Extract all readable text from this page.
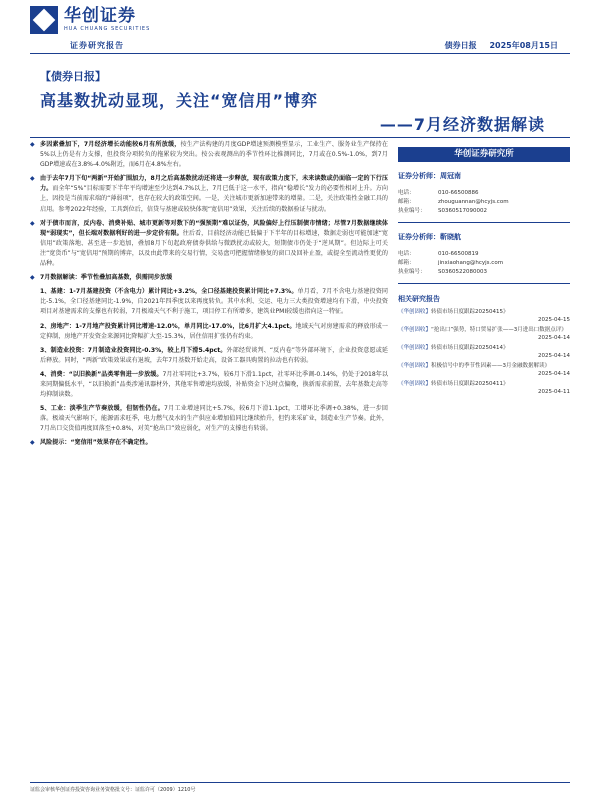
华创证券
HUA CHUANG SECURITIES
证券研究报告	债券日报 2025年08月15日
【债券日报】
高基数扰动显现，关注“宽信用”博弈
——7月经济数据解读
◆ 多因素叠加下，7月经济增长动能较6月有所放缓，按生产法构建的月度GDP增速预测模型显示，工业生产、服务业生产保持在5%以上仍是有力支撑，但投资分项转负的拖累较为突出。按公表观测出的季节性环比推测同比，7月或在0.5%-1.0%，到7月GDP增速或在3.8%-4.0%附近，而6月在4.8%左右。
◆ 由于去年7月下旬“两新”开始扩围加力，8月之后高基数扰动还将进一步释放，现有政策力度下，未来读数或仍面临一定的下行压力。而全年“5%”目标需要下半年平均增速至少达到4.7%以上，7月已低于这一水平，指向“稳增长”发力的必要性相对上升。方向上，因投是当前需求端的“薄弱项”，也存在较大的政策空间。一是，关注城市更新加速带来的增量。二是，关注政策性金融工具的启用。参考2022年经验，工具到位后，信贷与基建或较快体现“宽信用”效果，关注后续的数据验证与扰动。
◆ 对于债市而言，反内卷、消费补贴、城市更新等对数下的“强预期”难以证伪，风险偏好上行压制债市情绪；尽管7月数据继续体现“弱现实”，但长端对数据利好的进一步定价有限。往后看，目前经济动能已低偏于下半年的目标增速，数据走弱也可能加速“宽信用”政策落地、甚至进一步追加，叠加8月下旬起政府债券供给与微跌扰动或较大，短期债市仍处于“逆风期”。但边际上可关注“宽货币”与“宽信用”预期的博弈，以及由此带来的交易行情，交易盘可把握情绪修复的窗口及回补止盈，或提全至流动性更优的品种。
◆ 7月数据解读：季节性叠加高基数，供需同步放缓
1、基建：1-7月基建投资（不含电力）累计同比+3.2%，全口径基建投资累计同比+7.3%。单月看，7月不含电力基建投资同比-5.1%，全口径基建同比-1.9%，自2021年四季度以来再度转负。其中水利、交运、电力三大类投资增速均有下滑，中央投资项目对基建需求的支撑也有转弱，7月极端天气不利于施工，项目停工有所增多，建筑业PMI较缓也指向这一特征。
2、房地产：1-7月地产投资累计同比增速-12.0%，单月同比-17.0%，比6月扩大4.1pct。地域天气对房建需求的释放形成一定抑制，房地产开发资金来源同比降幅扩大至-15.3%，居住信用扩张仍有约束。
3、制造业投资：7月制造业投资同比-0.3%，较上月下滑5.4pct。外部经贸谈判、“反内卷”等外部环境下，企业投资意愿或延后释放。同时，“两新”政策效果或有退坡，去年7月基数开始走高，设备工器具购置的拉动也有转弱。
4、消费：“以旧换新”品类零售进一步放缓。7月社零同比+3.7%，较6月下滑1.1pct，社零环比季调-0.14%，仍处于2018年以来同期偏低水平，“以旧换新”品类涉通讯器材外，其他零售增速均放缓，补贴资金下达时点偏晚，换新需求前置，去年基数走高等均抑制读数。
5、工业：淡季生产节奏放缓，但韧性仍在。7月工业增速同比+5.7%，较6月下滑1.1pct，工增环比季调+0.38%，进一步回落。极端天气影响下，能源需求旺季，电力燃气及水的生产供应业增加值同比继续抬升，但钓来采矿业，制造业生产节奏。此外，7月出口交货值再度回落至+0.8%，对美“抢出口”效应弱化，对生产的支撑也有转弱。
◆ 风险提示：“宽信用”效果存在不确定性。
华创证券研究所
证券分析师：周冠南
电话：	010-66500886
邮箱：	zhouguannan@hcyjs.com
执业编号： S0360517090002
证券分析师：靳晓航
电话：	010-66500819
邮箱：	jinxiaohang@hcyjs.com
执业编号： S0360522080003
相关研究报告
《华创固收】转债市场日度跟踪20250415》
2025-04-15
《华创固收】“抢出口”强势，特口贸易扩张——3月进出口数据点评》
2025-04-14
《华创固收】转债市场日度跟踪20250414》
2025-04-14
《华创固收】积极信号中的季节性因素——3月金融数据解读》
2025-04-14
《华创固收】转债市场日度跟踪20250411》
2025-04-11
证监会审核华创证券投资咨询业务资格批文号：证监许可（2009）1210号
